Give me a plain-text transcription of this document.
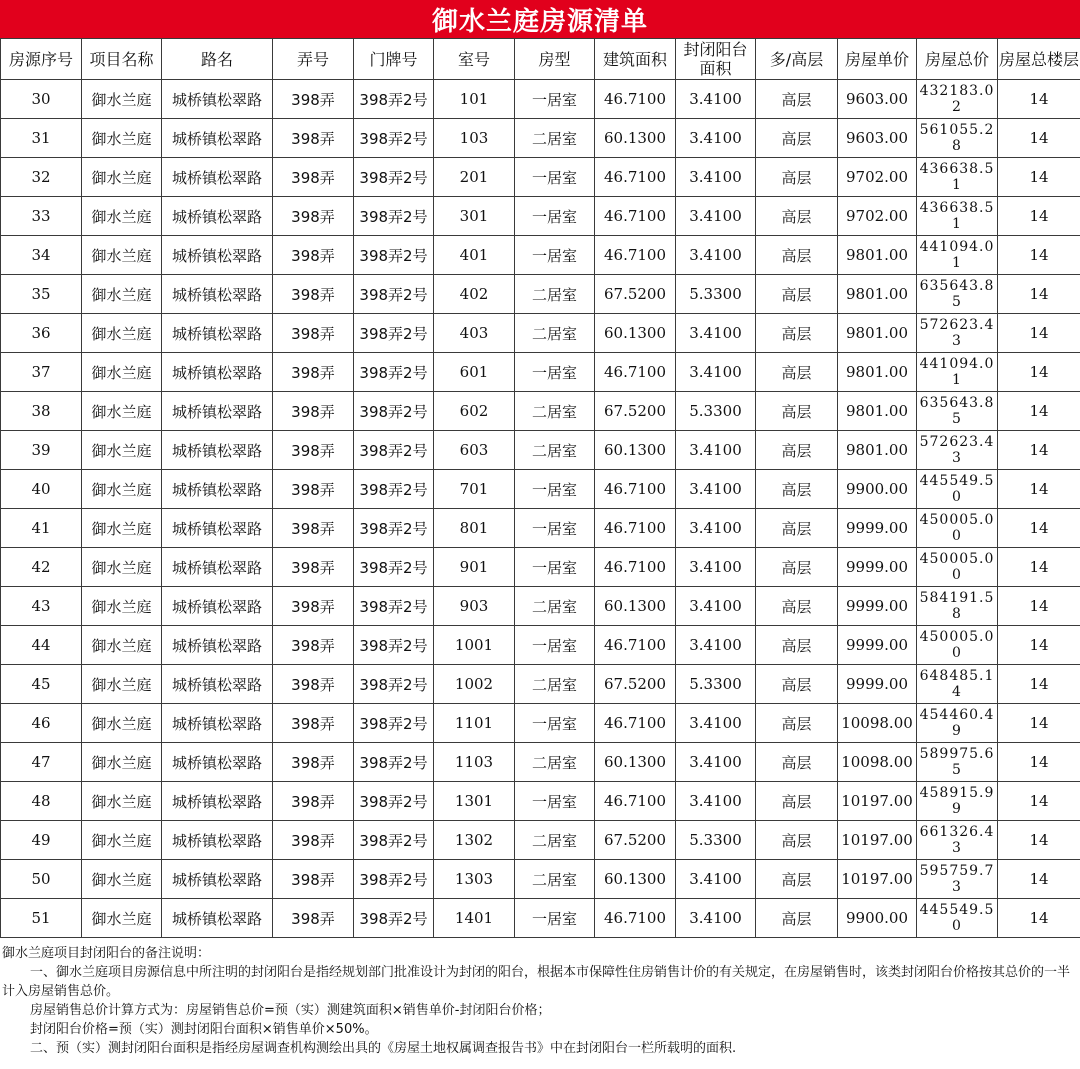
御水兰庭房源清单
房源序号	项目名称	路名	弄号	门牌号	室号	房型	建筑面积	封闭阳台面积	多/高层	房屋单价	房屋总价	房屋总楼层
30	御水兰庭	城桥镇松翠路	398弄	398弄2号	101	一居室	46.7100	3.4100	高层	9603.00	432183.02	14
31	御水兰庭	城桥镇松翠路	398弄	398弄2号	103	二居室	60.1300	3.4100	高层	9603.00	561055.28	14
32	御水兰庭	城桥镇松翠路	398弄	398弄2号	201	一居室	46.7100	3.4100	高层	9702.00	436638.51	14
33	御水兰庭	城桥镇松翠路	398弄	398弄2号	301	一居室	46.7100	3.4100	高层	9702.00	436638.51	14
34	御水兰庭	城桥镇松翠路	398弄	398弄2号	401	一居室	46.7100	3.4100	高层	9801.00	441094.01	14
35	御水兰庭	城桥镇松翠路	398弄	398弄2号	402	二居室	67.5200	5.3300	高层	9801.00	635643.85	14
36	御水兰庭	城桥镇松翠路	398弄	398弄2号	403	二居室	60.1300	3.4100	高层	9801.00	572623.43	14
37	御水兰庭	城桥镇松翠路	398弄	398弄2号	601	一居室	46.7100	3.4100	高层	9801.00	441094.01	14
38	御水兰庭	城桥镇松翠路	398弄	398弄2号	602	二居室	67.5200	5.3300	高层	9801.00	635643.85	14
39	御水兰庭	城桥镇松翠路	398弄	398弄2号	603	二居室	60.1300	3.4100	高层	9801.00	572623.43	14
40	御水兰庭	城桥镇松翠路	398弄	398弄2号	701	一居室	46.7100	3.4100	高层	9900.00	445549.50	14
41	御水兰庭	城桥镇松翠路	398弄	398弄2号	801	一居室	46.7100	3.4100	高层	9999.00	450005.00	14
42	御水兰庭	城桥镇松翠路	398弄	398弄2号	901	一居室	46.7100	3.4100	高层	9999.00	450005.00	14
43	御水兰庭	城桥镇松翠路	398弄	398弄2号	903	二居室	60.1300	3.4100	高层	9999.00	584191.58	14
44	御水兰庭	城桥镇松翠路	398弄	398弄2号	1001	一居室	46.7100	3.4100	高层	9999.00	450005.00	14
45	御水兰庭	城桥镇松翠路	398弄	398弄2号	1002	二居室	67.5200	5.3300	高层	9999.00	648485.14	14
46	御水兰庭	城桥镇松翠路	398弄	398弄2号	1101	一居室	46.7100	3.4100	高层	10098.00	454460.49	14
47	御水兰庭	城桥镇松翠路	398弄	398弄2号	1103	二居室	60.1300	3.4100	高层	10098.00	589975.65	14
48	御水兰庭	城桥镇松翠路	398弄	398弄2号	1301	一居室	46.7100	3.4100	高层	10197.00	458915.99	14
49	御水兰庭	城桥镇松翠路	398弄	398弄2号	1302	二居室	67.5200	5.3300	高层	10197.00	661326.43	14
50	御水兰庭	城桥镇松翠路	398弄	398弄2号	1303	二居室	60.1300	3.4100	高层	10197.00	595759.73	14
51	御水兰庭	城桥镇松翠路	398弄	398弄2号	1401	一居室	46.7100	3.4100	高层	9900.00	445549.50	14

御水兰庭项目封闭阳台的备注说明：

一、御水兰庭项目房源信息中所注明的封闭阳台是指经规划部门批准设计为封闭的阳台，根据本市保障性住房销售计价的有关规定，在房屋销售时，该类封闭阳台价格按其总价的一半计入房屋销售总价。

房屋销售总价计算方式为：房屋销售总价=预（实）测建筑面积×销售单价-封闭阳台价格；

封闭阳台价格=预（实）测封闭阳台面积×销售单价×50%。

二、预（实）测封闭阳台面积是指经房屋调查机构测绘出具的《房屋土地权属调查报告书》中在封闭阳台一栏所载明的面积.
